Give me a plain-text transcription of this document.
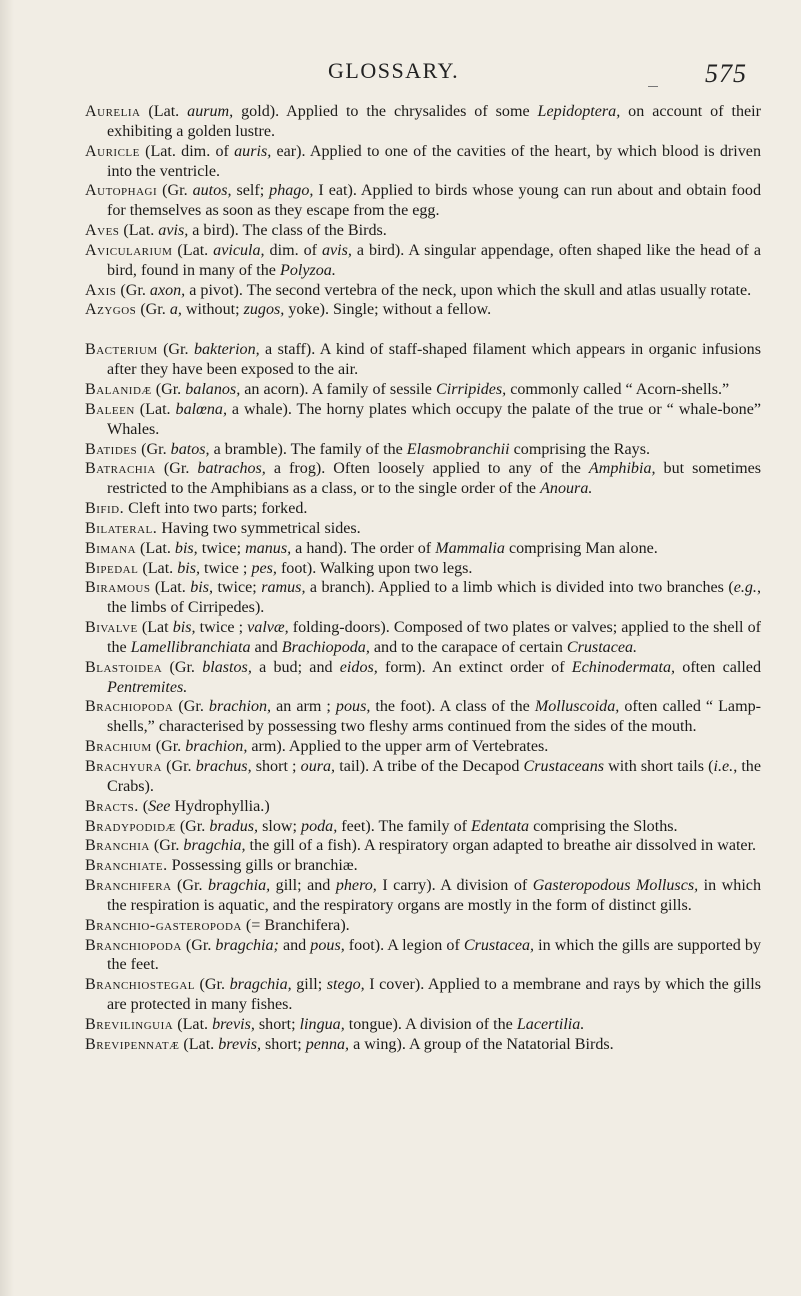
GLOSSARY.	575

Aurelia (Lat. aurum, gold). Applied to the chrysalides of some Lepidoptera, on account of their exhibiting a golden lustre.

Auricle (Lat. dim. of auris, ear). Applied to one of the cavities of the heart, by which blood is driven into the ventricle.

Autophagi (Gr. autos, self; phago, I eat). Applied to birds whose young can run about and obtain food for themselves as soon as they escape from the egg.

Aves (Lat. avis, a bird). The class of the Birds.

Avicularium (Lat. avicula, dim. of avis, a bird). A singular appendage, often shaped like the head of a bird, found in many of the Polyzoa.

Axis (Gr. axon, a pivot). The second vertebra of the neck, upon which the skull and atlas usually rotate.

Azygos (Gr. a, without; zugos, yoke). Single; without a fellow.

Bacterium (Gr. bakterion, a staff). A kind of staff-shaped filament which appears in organic infusions after they have been exposed to the air.

Balanidæ (Gr. balanos, an acorn). A family of sessile Cirripides, commonly called “ Acorn-shells.”

Baleen (Lat. balœna, a whale). The horny plates which occupy the palate of the true or “ whale-bone” Whales.

Batides (Gr. batos, a bramble). The family of the Elasmobranchii comprising the Rays.

Batrachia (Gr. batrachos, a frog). Often loosely applied to any of the Amphibia, but sometimes restricted to the Amphibians as a class, or to the single order of the Anoura.

Bifid. Cleft into two parts; forked.

Bilateral. Having two symmetrical sides.

Bimana (Lat. bis, twice; manus, a hand). The order of Mammalia comprising Man alone.

Bipedal (Lat. bis, twice ; pes, foot). Walking upon two legs.

Biramous (Lat. bis, twice; ramus, a branch). Applied to a limb which is divided into two branches (e.g., the limbs of Cirripedes).

Bivalve (Lat bis, twice ; valvæ, folding-doors). Composed of two plates or valves; applied to the shell of the Lamellibranchiata and Brachiopoda, and to the carapace of certain Crustacea.

Blastoidea (Gr. blastos, a bud; and eidos, form). An extinct order of Echinodermata, often called Pentremites.

Brachiopoda (Gr. brachion, an arm ; pous, the foot). A class of the Molluscoida, often called “ Lamp-shells,” characterised by possessing two fleshy arms continued from the sides of the mouth.

Brachium (Gr. brachion, arm). Applied to the upper arm of Vertebrates.

Brachyura (Gr. brachus, short ; oura, tail). A tribe of the Decapod Crustaceans with short tails (i.e., the Crabs).

Bracts. (See Hydrophyllia.)

Bradypodidæ (Gr. bradus, slow; poda, feet). The family of Edentata comprising the Sloths.

Branchia (Gr. bragchia, the gill of a fish). A respiratory organ adapted to breathe air dissolved in water.

Branchiate. Possessing gills or branchiæ.

Branchifera (Gr. bragchia, gill; and phero, I carry). A division of Gasteropodous Molluscs, in which the respiration is aquatic, and the respiratory organs are mostly in the form of distinct gills.

Branchio-gasteropoda (= Branchifera).

Branchiopoda (Gr. bragchia; and pous, foot). A legion of Crustacea, in which the gills are supported by the feet.

Branchiostegal (Gr. bragchia, gill; stego, I cover). Applied to a membrane and rays by which the gills are protected in many fishes.

Brevilinguia (Lat. brevis, short; lingua, tongue). A division of the Lacertilia.

Brevipennatæ (Lat. brevis, short; penna, a wing). A group of the Natatorial Birds.
